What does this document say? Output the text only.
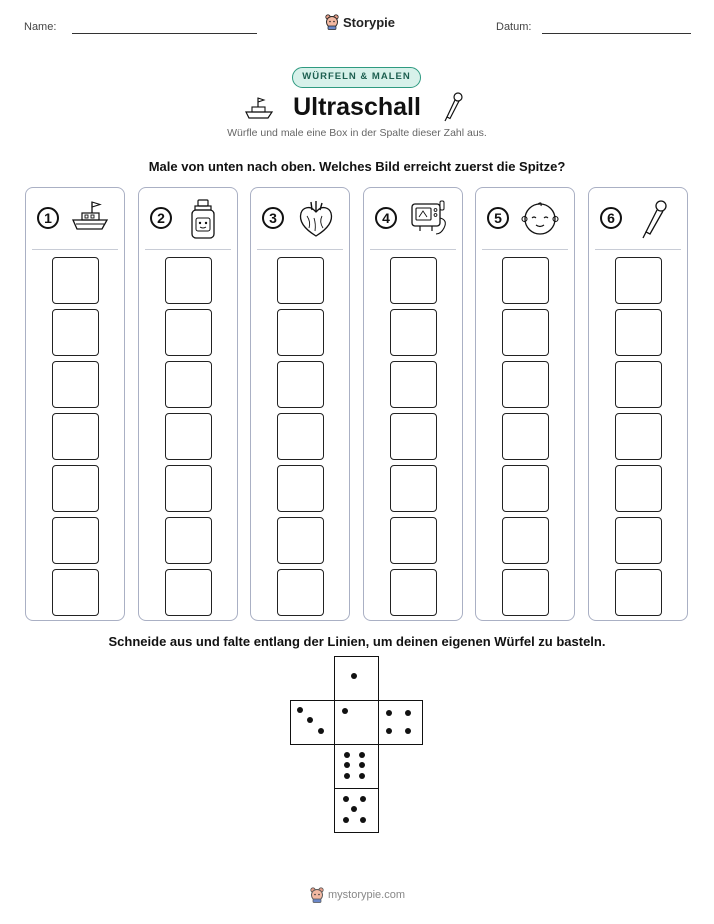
Name:	Storypie	Datum:
WÜRFELN & MALEN
Ultraschall
Würfle und male eine Box in der Spalte dieser Zahl aus.
Male von unten nach oben. Welches Bild erreicht zuerst die Spitze?
1	2	3	4	5	6
Schneide aus und falte entlang der Linien, um deinen eigenen Würfel zu basteln.
mystorypie.com
